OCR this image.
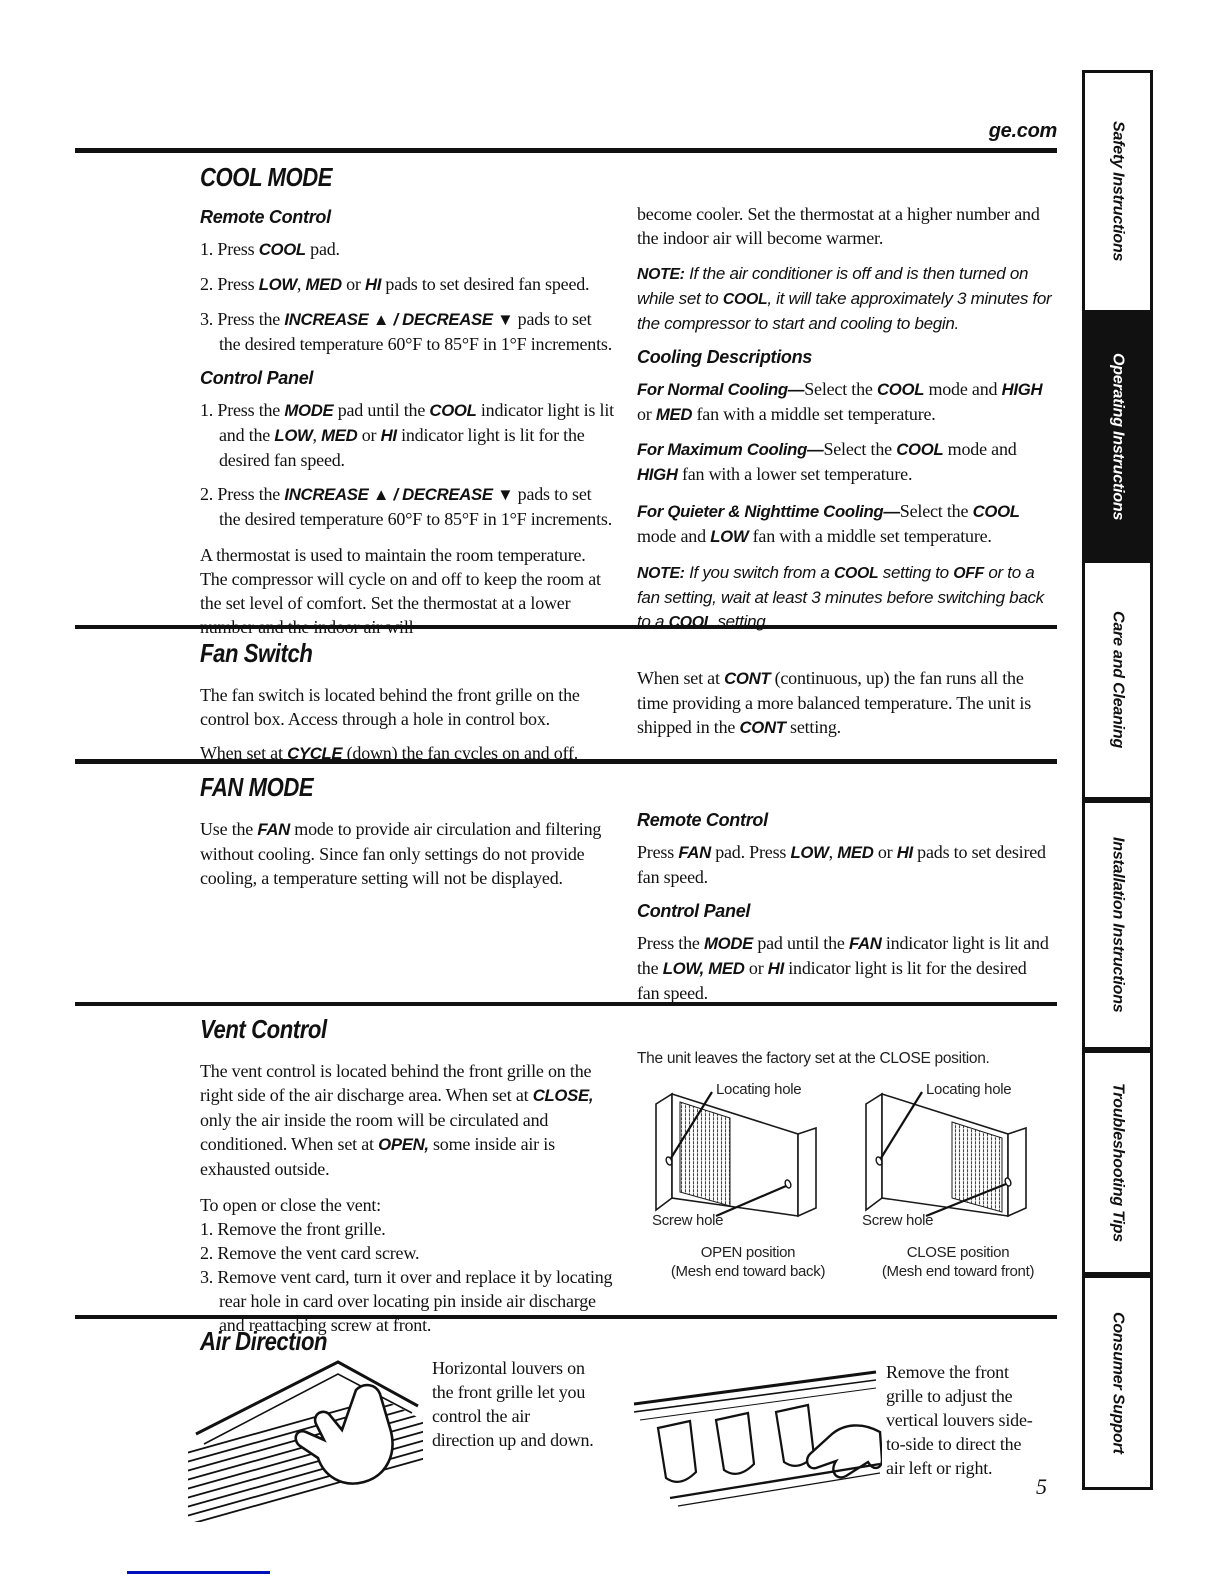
ge.com
COOL MODE
Remote Control
1. Press COOL pad.
2. Press LOW, MED or HI pads to set desired fan speed.
3. Press the INCREASE ▲ / DECREASE ▼ pads to set the desired temperature 60°F to 85°F in 1°F increments.
Control Panel
1. Press the MODE pad until the COOL indicator light is lit and the LOW, MED or HI indicator light is lit for the desired fan speed.
2. Press the INCREASE ▲ / DECREASE ▼ pads to set the desired temperature 60°F to 85°F in 1°F increments.
A thermostat is used to maintain the room temperature. The compressor will cycle on and off to keep the room at the set level of comfort. Set the thermostat at a lower number and the indoor air will
become cooler. Set the thermostat at a higher number and the indoor air will become warmer.
NOTE: If the air conditioner is off and is then turned on while set to COOL, it will take approximately 3 minutes for the compressor to start and cooling to begin.
Cooling Descriptions
For Normal Cooling—Select the COOL mode and HIGH or MED fan with a middle set temperature.
For Maximum Cooling—Select the COOL mode and HIGH fan with a lower set temperature.
For Quieter & Nighttime Cooling—Select the COOL mode and LOW fan with a middle set temperature.
NOTE: If you switch from a COOL setting to OFF or to a fan setting, wait at least 3 minutes before switching back to a COOL setting.
Fan Switch
The fan switch is located behind the front grille on the control box. Access through a hole in control box.
When set at CYCLE (down) the fan cycles on and off.
When set at CONT (continuous, up) the fan runs all the time providing a more balanced temperature. The unit is shipped in the CONT setting.
FAN MODE
Use the FAN mode to provide air circulation and filtering without cooling. Since fan only settings do not provide cooling, a temperature setting will not be displayed.
Remote Control
Press FAN pad. Press LOW, MED or HI pads to set desired fan speed.
Control Panel
Press the MODE pad until the FAN indicator light is lit and the LOW, MED or HI indicator light is lit for the desired fan speed.
Vent Control
The vent control is located behind the front grille on the right side of the air discharge area. When set at CLOSE, only the air inside the room will be circulated and conditioned. When set at OPEN, some inside air is exhausted outside.
To open or close the vent:
1. Remove the front grille.
2. Remove the vent card screw.
3. Remove vent card, turn it over and replace it by locating rear hole in card over locating pin inside air discharge and reattaching screw at front.
The unit leaves the factory set at the CLOSE position.
Locating hole
Screw hole
OPEN position
(Mesh end toward back)
Locating hole
Screw hole
CLOSE position
(Mesh end toward front)
Air Direction
Horizontal louvers on the front grille let you control the air direction up and down.
Remove the front grille to adjust the vertical louvers side-to-side to direct the air left or right.
5
Safety Instructions
Operating Instructions
Care and Cleaning
Installation Instructions
Troubleshooting Tips
Consumer Support
